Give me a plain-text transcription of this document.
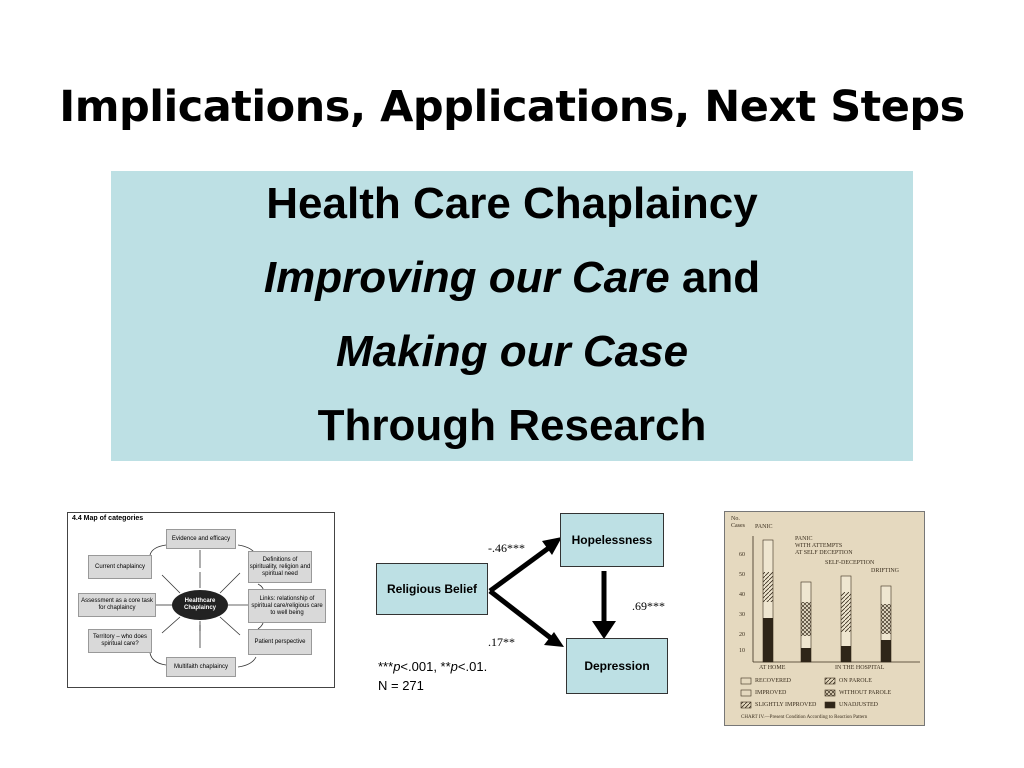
Implications, Applications, Next Steps
Health Care Chaplaincy
Improving our Care and
Making our Case
Through Research
4.4 Map of categories
Evidence and efficacy
Current chaplaincy
Definitions of spirituality, religion and spiritual need
Assessment as a core task for chaplaincy
Links: relationship of spiritual care/religious care to well being
Territory – who does spiritual care?	Patient perspective
Multifaith chaplaincy
Healthcare Chaplaincy
Religious Belief
Hopelessness
Depression
-.46***
.69***
.17**
***p<.001, **p<.01.
N = 271
No.
Cases PANIC
PANIC
WITH ATTEMPTS
AT SELF DECEPTION
SELF-DECEPTION
DRIFTING
60
50
40
30
20
10
AT HOME	IN THE HOSPITAL
RECOVERED	ON PAROLE
IMPROVED	WITHOUT PAROLE
SLIGHTLY IMPROVED	UNADJUSTED
CHART IV.—Present Condition According to Reaction Pattern
